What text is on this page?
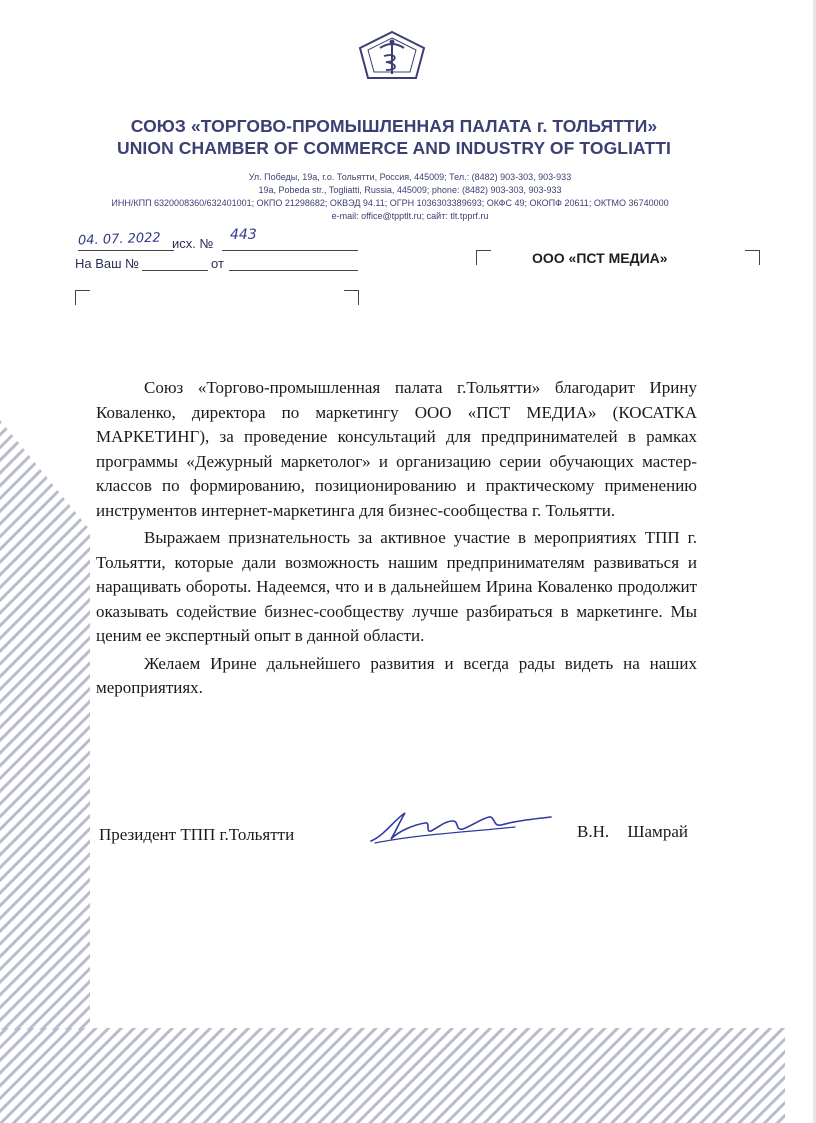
СОЮЗ «ТОРГОВО-ПРОМЫШЛЕННАЯ ПАЛАТА г. ТОЛЬЯТТИ»
UNION CHAMBER OF COMMERCE AND INDUSTRY OF TOGLIATTI
Ул. Победы, 19а, г.о. Тольятти, Россия, 445009; Тел.: (8482) 903-303, 903-933
19a, Pobeda str., Togliatti, Russia, 445009; phone: (8482) 903-303, 903-933
ИНН/КПП 6320008360/632401001; ОКПО 21298682; ОКВЭД 94.11; ОГРН 1036303389693; ОКФС 49; ОКОПФ 20611; ОКТМО 36740000
e-mail: office@tpptlt.ru; сайт: tlt.tpprf.ru
04. 07. 2022 исх. №
443
На Ваш №	от	ООО «ПСТ МЕДИА»

Союз «Торгово-промышленная палата г.Тольятти» благодарит Ирину Коваленко, директора по маркетингу ООО «ПСТ МЕДИА» (КОСАТКА МАРКЕТИНГ), за проведение консультаций для предпринимателей в рамках программы «Дежурный маркетолог» и организацию серии обучающих мастер-классов по формированию, позиционированию и практическому применению инструментов интернет-маркетинга для бизнес-сообщества г. Тольятти.

Выражаем признательность за активное участие в мероприятиях ТПП г. Тольятти, которые дали возможность нашим предпринимателям развиваться и наращивать обороты. Надеемся, что и в дальнейшем Ирина Коваленко продолжит оказывать содействие бизнес-сообществу лучше разбираться в маркетинге. Мы ценим ее экспертный опыт в данной области.

Желаем Ирине дальнейшего развития и всегда рады видеть на наших мероприятиях.

Президент ТПП г.Тольятти	В.Н. Шамрай
